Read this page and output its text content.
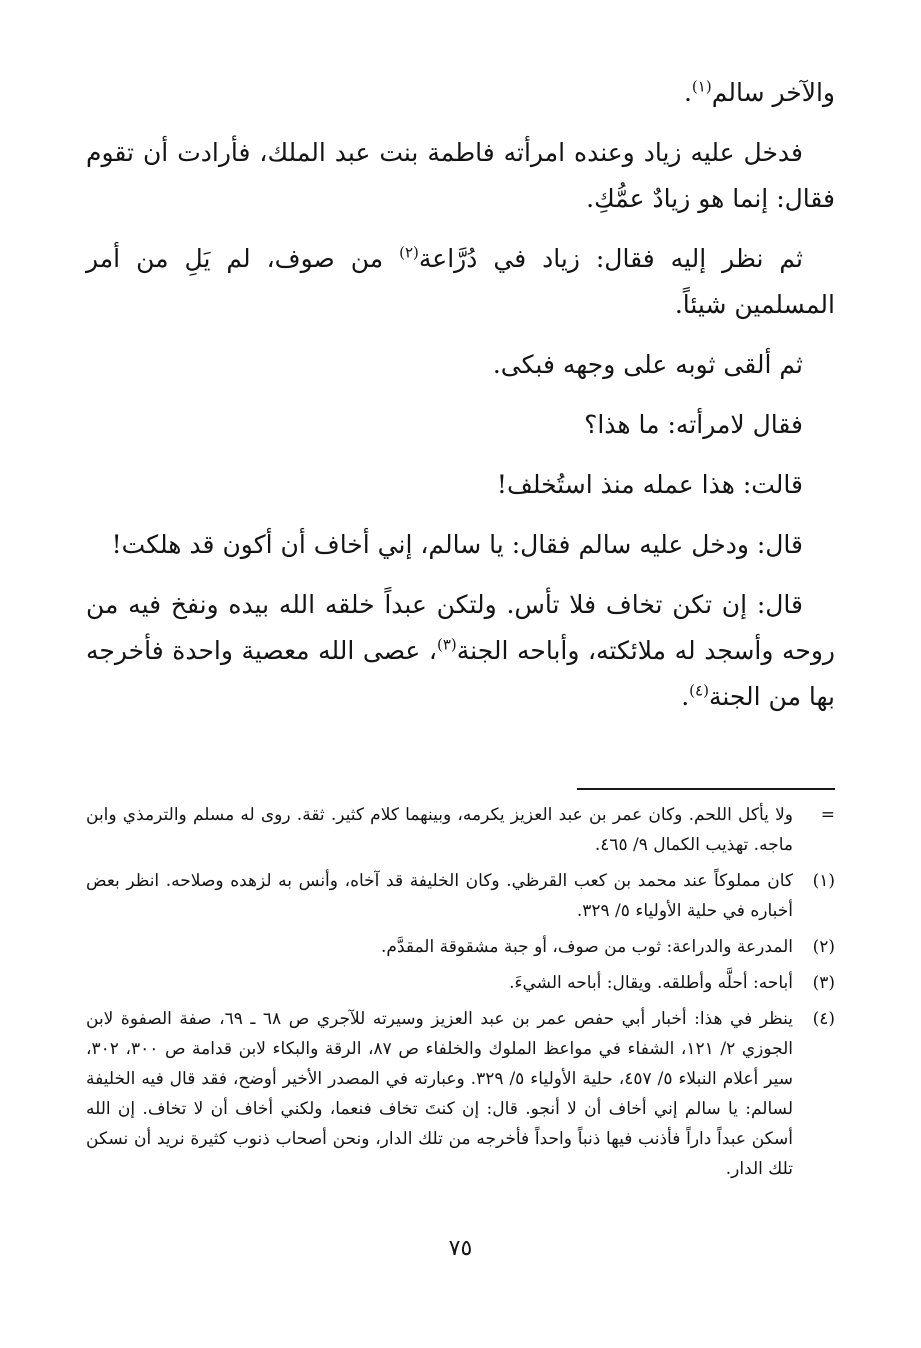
والآخر سالم$^{(١)}$.

فدخل عليه زياد وعنده امرأته فاطمة بنت عبد الملك، فأرادت أن تقوم فقال: إنما هو زيادٌ عمُّكِ.

ثم نظر إليه فقال: زياد في دُرَّاعة$^{(٢)}$ من صوف، لم يَلِ من أمر المسلمين شيئاً.

ثم ألقى ثوبه على وجهه فبكى.

فقال لامرأته: ما هذا؟

قالت: هذا عمله منذ استُخلف!

قال: ودخل عليه سالم فقال: يا سالم، إني أخاف أن أكون قد هلكت!

قال: إن تكن تخاف فلا تأس. ولتكن عبداً خلقه الله بيده ونفخ فيه من روحه وأسجد له ملائكته، وأباحه الجنة$^{(٣)}$، عصى الله معصية واحدة فأخرجه بها من الجنة$^{(٤)}$.

=
ولا يأكل اللحم. وكان عمر بن عبد العزيز يكرمه، وبينهما كلام كثير. ثقة. روى له مسلم والترمذي وابن ماجه. تهذيب الكمال ٩/ ٤٦٥.
(١)
كان مملوكاً عند محمد بن كعب القرظي. وكان الخليفة قد آخاه، وأنس به لزهده وصلاحه. انظر بعض أخباره في حلية الأولياء ٥/ ٣٢٩.
(٢)
المدرعة والدراعة: ثوب من صوف، أو جبة مشقوقة المقدَّم.
(٣)
أباحه: أحلَّه وأطلقه. ويقال: أباحه الشيءَ.
(٤)
ينظر في هذا: أخبار أبي حفص عمر بن عبد العزيز وسيرته للآجري ص ٦٨ ـ ٦٩، صفة الصفوة لابن الجوزي ٢/ ١٢١، الشفاء في مواعظ الملوك والخلفاء ص ٨٧، الرقة والبكاء لابن قدامة ص ٣٠٠، ٣٠٢، سير أعلام النبلاء ٥/ ٤٥٧، حلية الأولياء ٥/ ٣٢٩. وعبارته في المصدر الأخير أوضح، فقد قال فيه الخليفة لسالم: يا سالم إني أخاف أن لا أنجو. قال: إن كنتَ تخاف فنعما، ولكني أخاف أن لا تخاف. إن الله أسكن عبداً داراً فأذنب فيها ذنباً واحداً فأخرجه من تلك الدار، ونحن أصحاب ذنوب كثيرة نريد أن نسكن تلك الدار.
٧٥
